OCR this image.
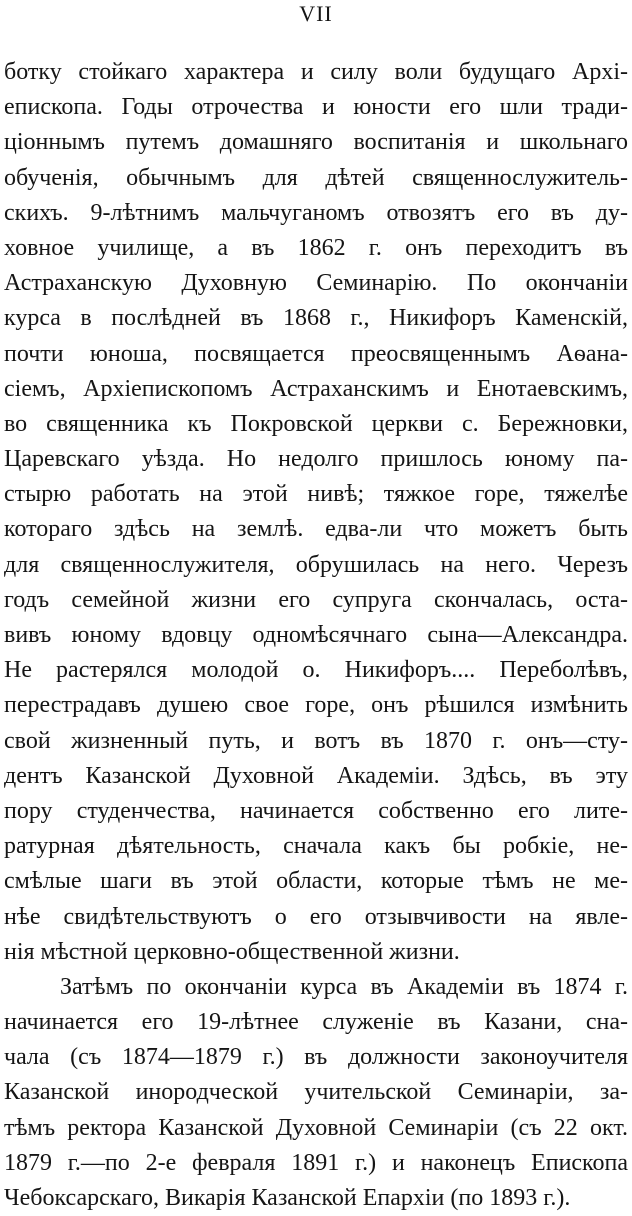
VII
ботку стойкаго характера и силу воли будущаго Архі-
епископа. Годы отрочества и юности его шли тради-
ціоннымъ путемъ домашняго воспитанія и школьнаго
обученія, обычнымъ для дѣтей священнослужитель-
скихъ. 9-лѣтнимъ мальчуганомъ отвозятъ его въ ду-
ховное училище, а въ 1862 г. онъ переходитъ въ
Астраханскую Духовную Семинарію. По окончаніи
курса в послѣдней въ 1868 г., Никифоръ Каменскій,
почти юноша, посвящается преосвященнымъ Аѳана-
сіемъ, Архіепископомъ Астраханскимъ и Енотаевскимъ,
во священника къ Покровской церкви с. Бережновки,
Царевскаго уѣзда. Но недолго пришлось юному па-
стырю работать на этой нивѣ; тяжкое горе, тяжелѣе
котораго здѣсь на землѣ. едва-ли что можетъ быть
для священнослужителя, обрушилась на него. Черезъ
годъ семейной жизни его супруга скончалась, оста-
вивъ юному вдовцу одномѣсячнаго сына—Александра.
Не растерялся молодой о. Никифоръ.... Переболѣвъ,
перестрадавъ душею свое горе, онъ рѣшился измѣнить
свой жизненный путь, и вотъ въ 1870 г. онъ—сту-
дентъ Казанской Духовной Академіи. Здѣсь, въ эту
пору студенчества, начинается собственно его лите-
ратурная дѣятельность, сначала какъ бы робкіе, не-
смѣлые шаги въ этой области, которые тѣмъ не ме-
нѣе свидѣтельствуютъ о его отзывчивости на явле-
нія мѣстной церковно-общественной жизни.
Затѣмъ по окончаніи курса въ Академіи въ 1874 г.
начинается его 19-лѣтнее служеніе въ Казани, сна-
чала (съ 1874—1879 г.) въ должности законоучителя
Казанской инородческой учительской Семинаріи, за-
тѣмъ ректора Казанской Духовной Семинаріи (съ 22 окт.
1879 г.—по 2-е февраля 1891 г.) и наконецъ Епископа
Чебоксарскаго, Викарія Казанской Епархіи (по 1893 г.).
